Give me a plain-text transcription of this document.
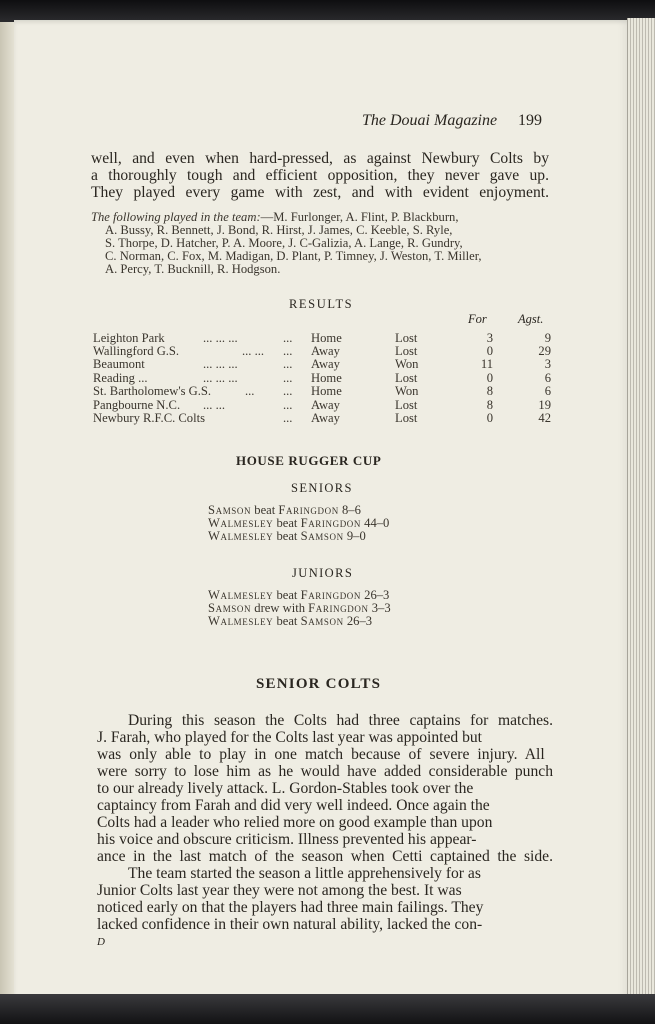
The Douai Magazine 199

well, and even when hard-pressed, as against Newbury Colts by

a thoroughly tough and efficient opposition, they never gave up.

They played every game with zest, and with evident enjoyment.

The following played in the team:—M. Furlonger, A. Flint, P. Blackburn,

A. Bussy, R. Bennett, J. Bond, R. Hirst, J. James, C. Keeble, S. Ryle,

S. Thorpe, D. Hatcher, P. A. Moore, J. C-Galizia, A. Lange, R. Gundry,

C. Norman, C. Fox, M. Madigan, D. Plant, P. Timney, J. Weston, T. Miller,

A. Percy, T. Bucknill, R. Hodgson.

RESULTS

For	Agst.

Leighton Park	... ... ...	... Home	Lost	3	9

Wallingford G.S.	... ... ... Away	Lost	0	29

Beaumont	... ... ...	... Away	Won	11	3

Reading ...	... ... ...	... Home	Lost	0	6

St. Bartholomew's G.S.	... ... Home	Won	8	6

Pangbourne N.C. ... ...	... Away	Lost	8	19

Newbury R.F.C. Colts	... Away	Lost	0	42

HOUSE RUGGER CUP

SENIORS

Samson beat Faringdon 8–6

Walmesley beat Faringdon 44–0

Walmesley beat Samson 9–0

JUNIORS

Walmesley beat Faringdon 26–3

Samson drew with Faringdon 3–3

Walmesley beat Samson 26–3

SENIOR COLTS

During this season the Colts had three captains for matches.

J. Farah, who played for the Colts last year was appointed but

was only able to play in one match because of severe injury. All

were sorry to lose him as he would have added considerable punch

to our already lively attack. L. Gordon-Stables took over the

captaincy from Farah and did very well indeed. Once again the

Colts had a leader who relied more on good example than upon

his voice and obscure criticism. Illness prevented his appear-

ance in the last match of the season when Cetti captained the side.

The team started the season a little apprehensively for as

Junior Colts last year they were not among the best. It was

noticed early on that the players had three main failings. They

lacked confidence in their own natural ability, lacked the con-

D
